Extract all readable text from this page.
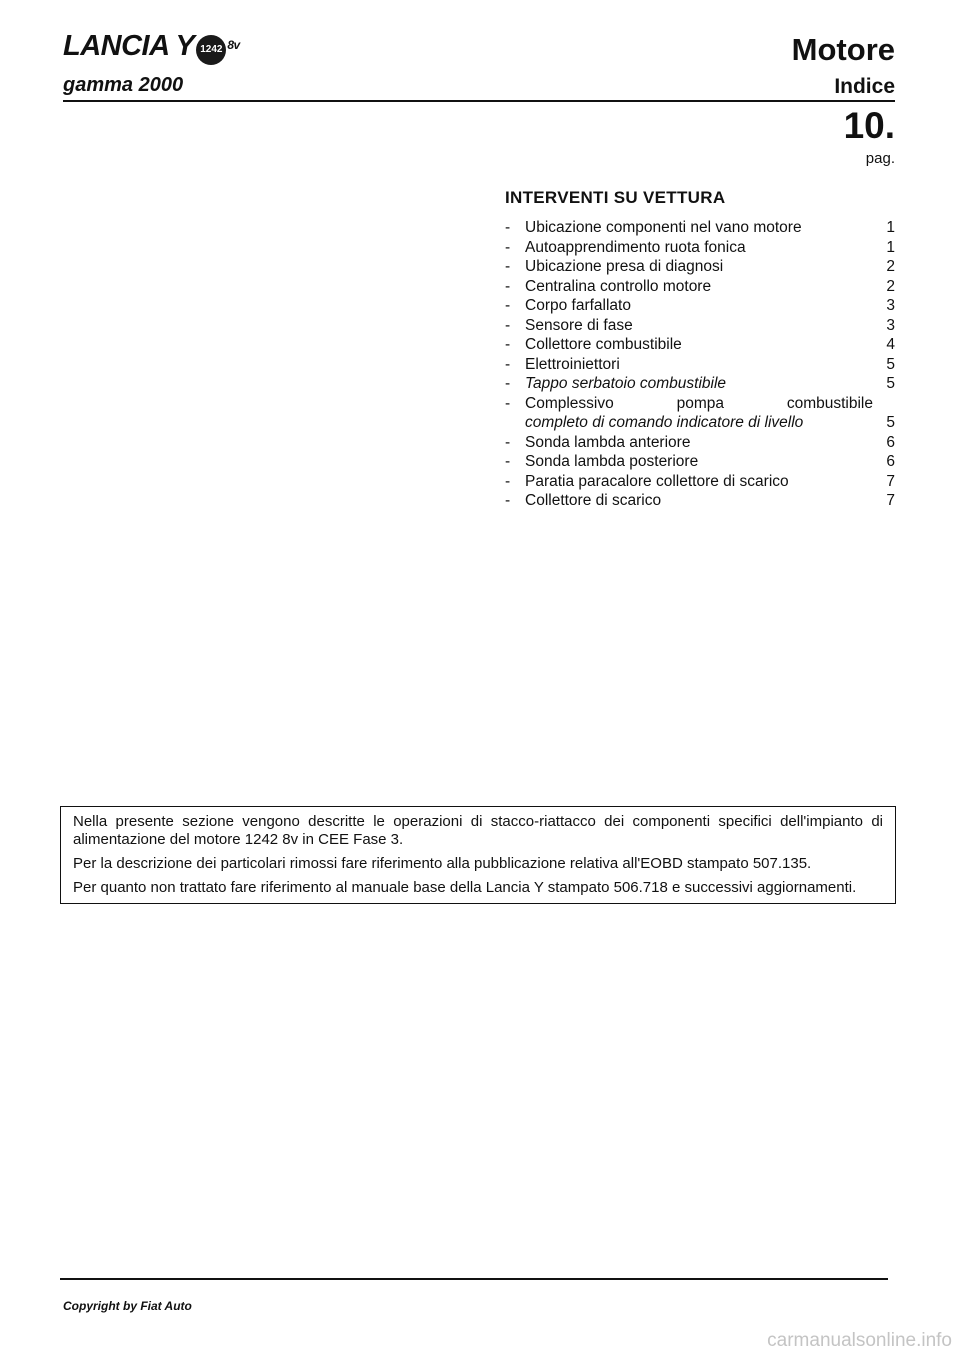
LANCIA Y 1242 $^{8v}$
gamma 2000
Motore
Indice
10.
pag.
INTERVENTI SU VETTURA
- Ubicazione componenti nel vano motore	1
- Autoapprendimento ruota fonica	1
- Ubicazione presa di diagnosi	2
- Centralina controllo motore	2
- Corpo farfallato	3
- Sensore di fase	3
- Collettore combustibile	4
- Elettroiniettori	5
- Tappo serbatoio combustibile	5
- Complessivo pompa combustibile
completo di comando indicatore di livello	5
- Sonda lambda anteriore	6
- Sonda lambda posteriore	6
- Paratia paracalore collettore di scarico	7
- Collettore di scarico	7

Nella presente sezione vengono descritte le operazioni di stacco-riattacco dei componenti specifici dell'impianto di alimentazione del motore 1242 8v in CEE Fase 3.

Per la descrizione dei particolari rimossi fare riferimento alla pubblicazione relativa all'EOBD stampato 507.135.

Per quanto non trattato fare riferimento al manuale base della Lancia Y stampato 506.718 e successivi aggiornamenti.

Copyright by Fiat Auto
carmanualsonline.info
